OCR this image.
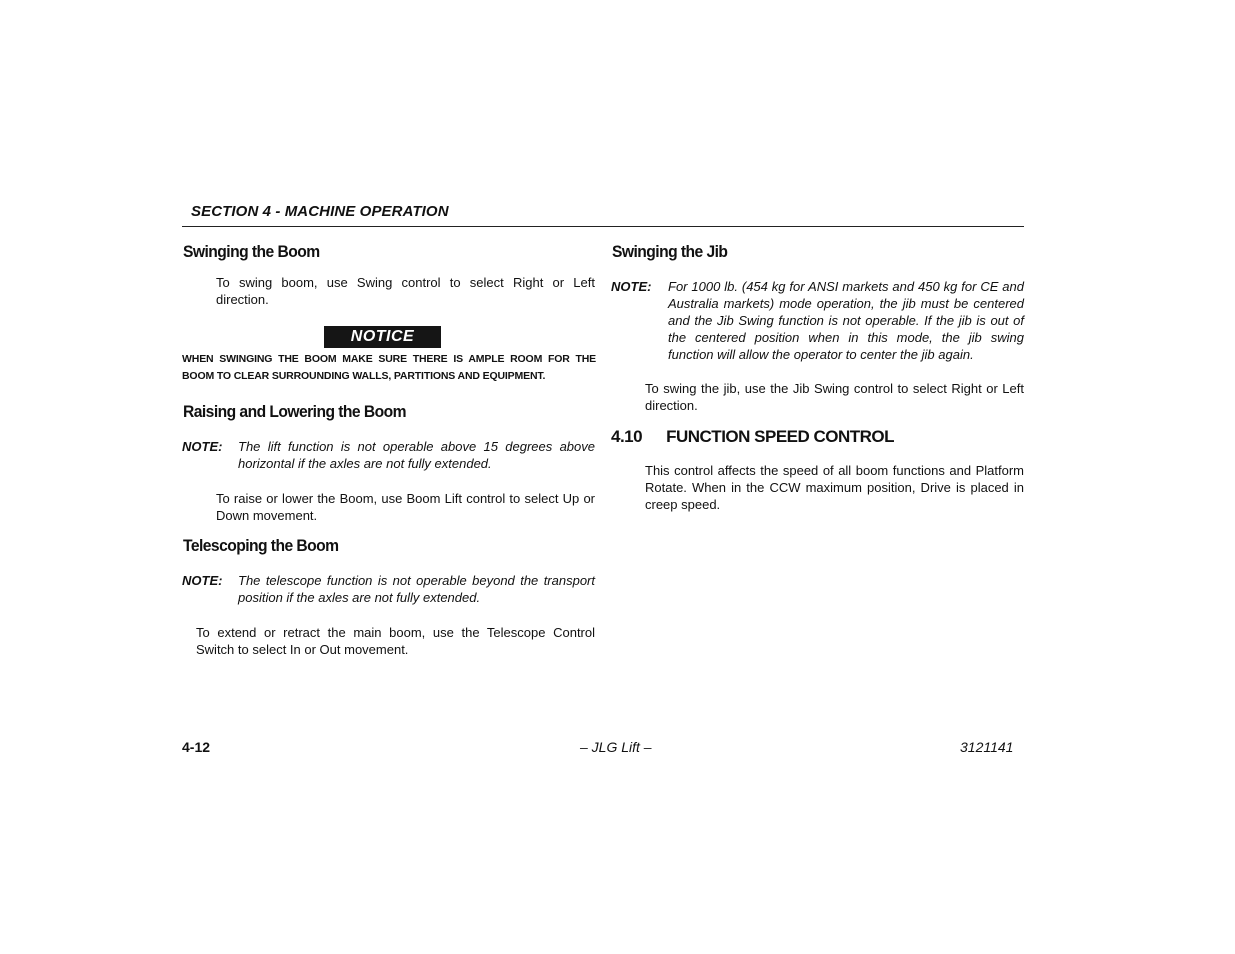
SECTION 4 - MACHINE OPERATION
Swinging the Boom
To swing boom, use Swing control to select Right or Left direction.
NOTICE
WHEN SWINGING THE BOOM MAKE SURE THERE IS AMPLE ROOM FOR THE BOOM TO CLEAR SURROUNDING WALLS, PARTITIONS AND EQUIPMENT.
Raising and Lowering the Boom
NOTE: The lift function is not operable above 15 degrees above horizontal if the axles are not fully extended.
To raise or lower the Boom, use Boom Lift control to select Up or Down movement.
Telescoping the Boom
NOTE: The telescope function is not operable beyond the transport position if the axles are not fully extended.
To extend or retract the main boom, use the Telescope Control Switch to select In or Out movement.
Swinging the Jib
NOTE: For 1000 lb. (454 kg for ANSI markets and 450 kg for CE and Australia markets) mode operation, the jib must be centered and the Jib Swing function is not operable. If the jib is out of the centered position when in this mode, the jib swing function will allow the operator to center the jib again.
To swing the jib, use the Jib Swing control to select Right or Left direction.
4.10 FUNCTION SPEED CONTROL
This control affects the speed of all boom functions and Platform Rotate. When in the CCW maximum position, Drive is placed in creep speed.
4-12	– JLG Lift –	3121141
